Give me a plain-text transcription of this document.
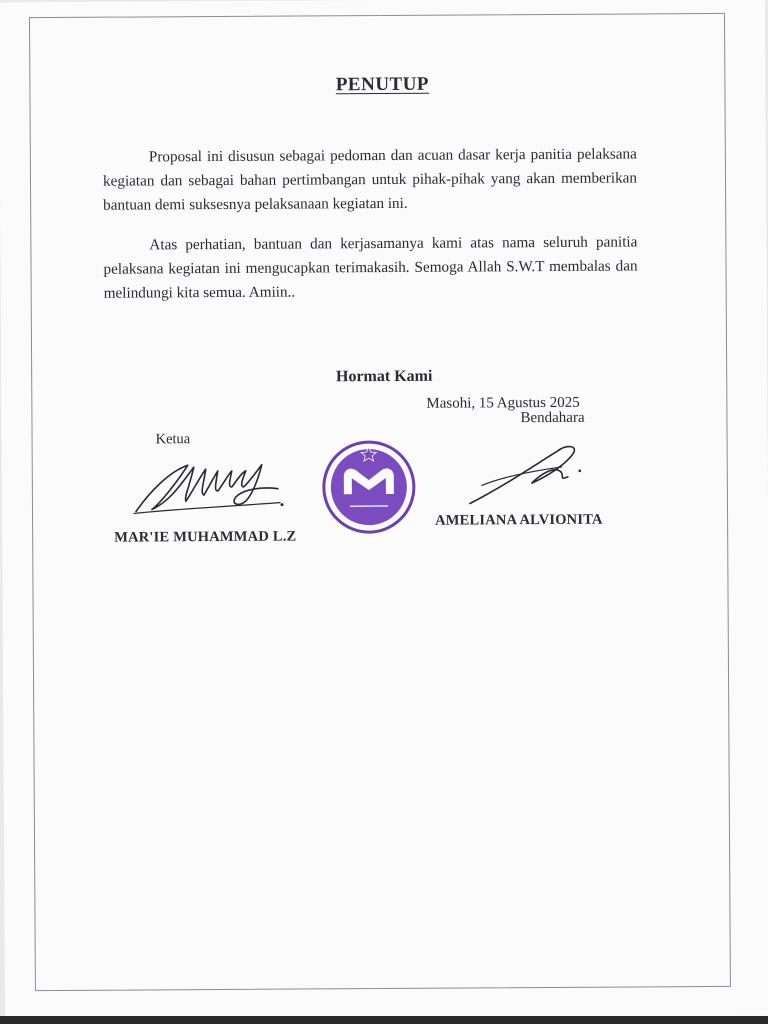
PENUTUP
Proposal ini disusun sebagai pedoman dan acuan dasar kerja panitia pelaksana kegiatan dan sebagai bahan pertimbangan untuk pihak-pihak yang akan memberikan bantuan demi suksesnya pelaksanaan kegiatan ini.
Atas perhatian, bantuan dan kerjasamanya kami atas nama seluruh panitia pelaksana kegiatan ini mengucapkan terimakasih. Semoga Allah S.W.T membalas dan melindungi kita semua. Amiin..
Hormat Kami
Masohi, 15 Agustus 2025
Bendahara
Ketua
MAR'IE MUHAMMAD L.Z
AMELIANA ALVIONITA
